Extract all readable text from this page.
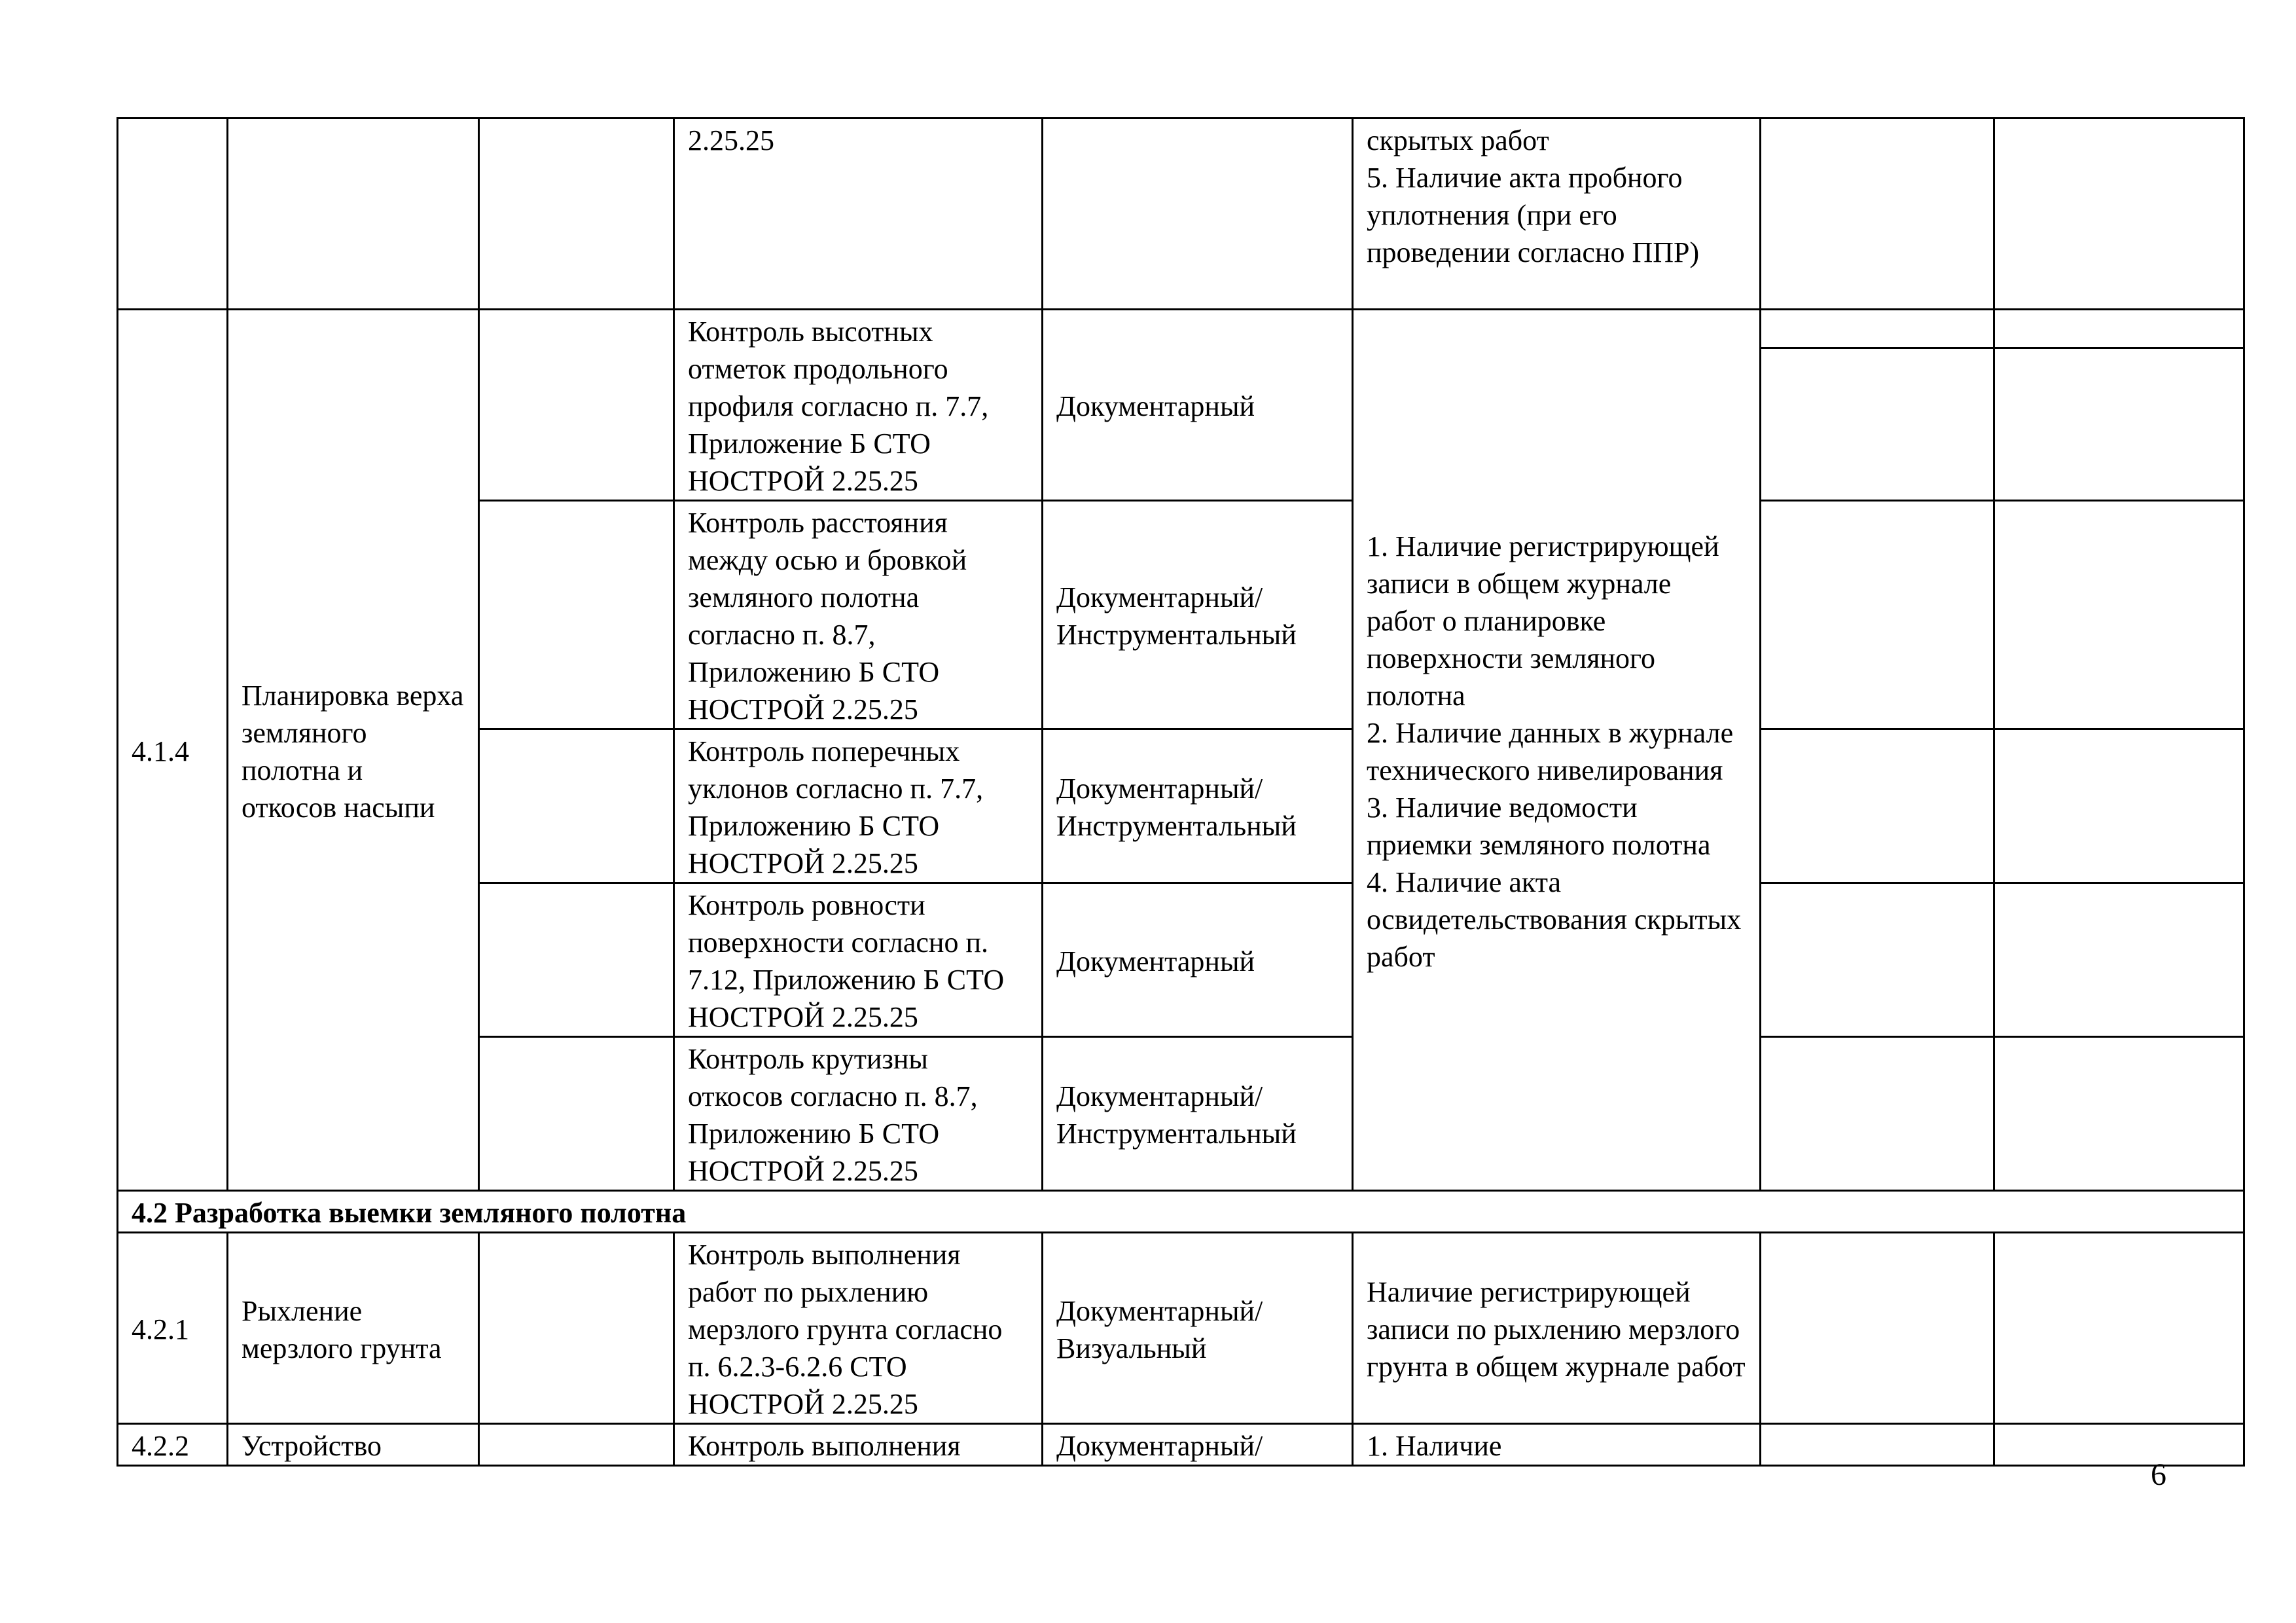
			2.25.25		скрытых работ
5. Наличие акта пробного уплотнения (при его проведении согласно ППР)		
4.1.4	Планировка верха земляного полотна и откосов насыпи		Контроль высотных отметок продольного профиля согласно п. 7.7, Приложение Б СТО НОСТРОЙ 2.25.25	Документарный	1. Наличие регистрирующей записи в общем журнале работ о планировке поверхности земляного полотна
2. Наличие данных в журнале технического нивелирования
3. Наличие ведомости приемки земляного полотна
4. Наличие акта освидетельствования скрытых работ		

			Контроль расстояния между осью и бровкой земляного полотна согласно п. 8.7, Приложению Б СТО НОСТРОЙ 2.25.25	Документарный/
Инструментальный			
			Контроль поперечных уклонов согласно п. 7.7, Приложению Б СТО НОСТРОЙ 2.25.25	Документарный/
Инструментальный			
			Контроль ровности поверхности согласно п. 7.12, Приложению Б СТО НОСТРОЙ 2.25.25	Документарный			
			Контроль крутизны откосов согласно п. 8.7, Приложению Б СТО НОСТРОЙ 2.25.25	Документарный/
Инструментальный			
4.2 Разработка выемки земляного полотна							
4.2.1	Рыхление мерзлого грунта		Контроль выполнения работ по рыхлению мерзлого грунта согласно п. 6.2.3-6.2.6 СТО НОСТРОЙ 2.25.25	Документарный/
Визуальный	Наличие регистрирующей записи по рыхлению мерзлого грунта в общем журнале работ		
4.2.2	Устройство		Контроль выполнения	Документарный/	1. Наличие		
6
